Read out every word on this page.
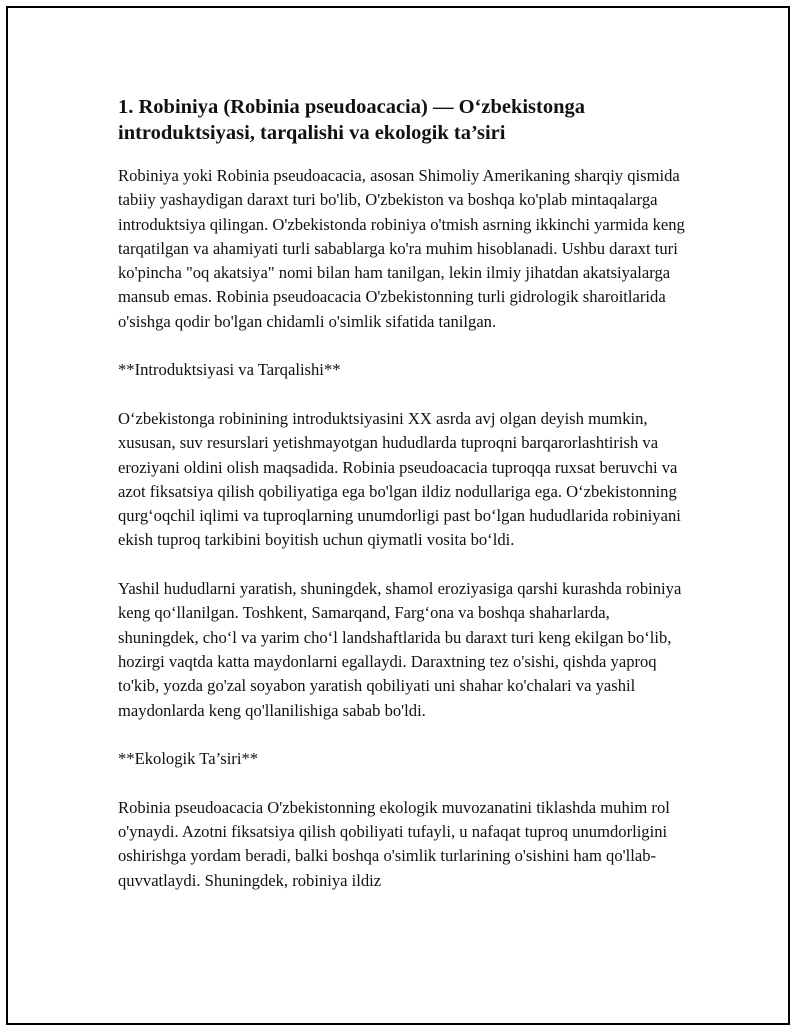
1. Robiniya (Robinia pseudoacacia) — O‘zbekistonga introduktsiyasi, tarqalishi va ekologik ta’siri

Robiniya yoki Robinia pseudoacacia, asosan Shimoliy Amerikaning sharqiy qismida tabiiy yashaydigan daraxt turi bo'lib, O'zbekiston va boshqa ko'plab mintaqalarga introduktsiya qilingan. O'zbekistonda robiniya o'tmish asrning ikkinchi yarmida keng tarqatilgan va ahamiyati turli sabablarga ko'ra muhim hisoblanadi. Ushbu daraxt turi ko'pincha "oq akatsiya" nomi bilan ham tanilgan, lekin ilmiy jihatdan akatsiyalarga mansub emas. Robinia pseudoacacia O'zbekistonning turli gidrologik sharoitlarida o'sishga qodir bo'lgan chidamli o'simlik sifatida tanilgan.

**Introduktsiyasi va Tarqalishi**

O‘zbekistonga robinining introduktsiyasini XX asrda avj olgan deyish mumkin, xususan, suv resurslari yetishmayotgan hududlarda tuproqni barqarorlashtirish va eroziyani oldini olish maqsadida. Robinia pseudoacacia tuproqqa ruxsat beruvchi va azot fiksatsiya qilish qobiliyatiga ega bo'lgan ildiz nodullariga ega. O‘zbekistonning qurg‘oqchil iqlimi va tuproqlarning unumdorligi past bo‘lgan hududlarida robiniyani ekish tuproq tarkibini boyitish uchun qiymatli vosita bo‘ldi.

Yashil hududlarni yaratish, shuningdek, shamol eroziyasiga qarshi kurashda robiniya keng qo‘llanilgan. Toshkent, Samarqand, Farg‘ona va boshqa shaharlarda, shuningdek, cho‘l va yarim cho‘l landshaftlarida bu daraxt turi keng ekilgan bo‘lib, hozirgi vaqtda katta maydonlarni egallaydi. Daraxtning tez o'sishi, qishda yaproq to'kib, yozda go'zal soyabon yaratish qobiliyati uni shahar ko'chalari va yashil maydonlarda keng qo'llanilishiga sabab bo'ldi.

**Ekologik Ta’siri**

Robinia pseudoacacia O'zbekistonning ekologik muvozanatini tiklashda muhim rol o'ynaydi. Azotni fiksatsiya qilish qobiliyati tufayli, u nafaqat tuproq unumdorligini oshirishga yordam beradi, balki boshqa o'simlik turlarining o'sishini ham qo'llab-quvvatlaydi. Shuningdek, robiniya ildiz
